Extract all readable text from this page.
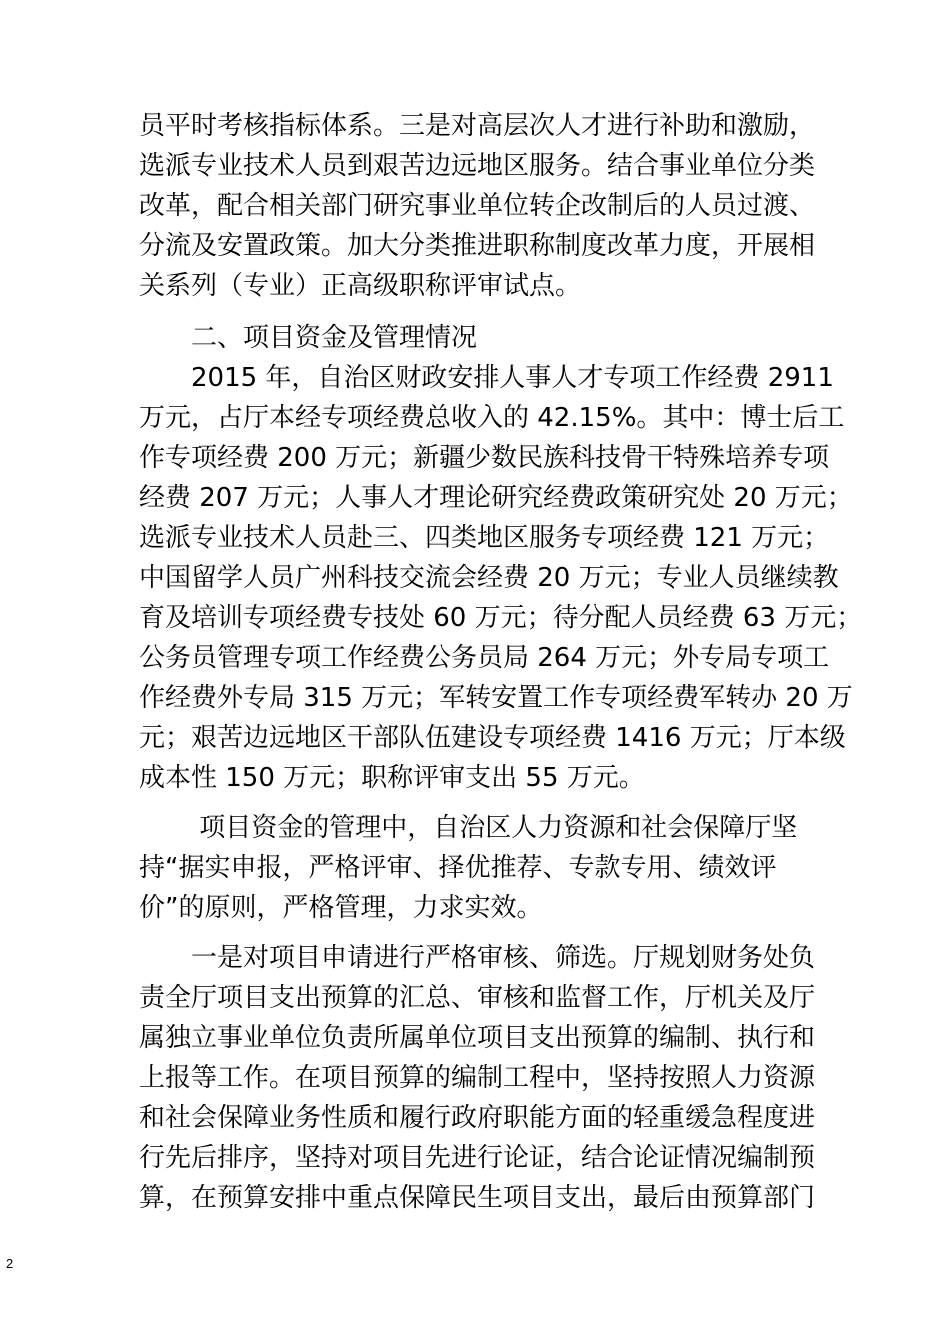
员平时考核指标体系。三是对高层次人才进行补助和激励，
选派专业技术人员到艰苦边远地区服务。结合事业单位分类
改革，配合相关部门研究事业单位转企改制后的人员过渡、
分流及安置政策。加大分类推进职称制度改革力度，开展相
关系列（专业）正高级职称评审试点。
　　二、项目资金及管理情况
　　2015 年，自治区财政安排人事人才专项工作经费 2911
万元，占厅本经专项经费总收入的 42.15%。其中：博士后工
作专项经费 200 万元；新疆少数民族科技骨干特殊培养专项
经费 207 万元；人事人才理论研究经费政策研究处 20 万元；
选派专业技术人员赴三、四类地区服务专项经费 121 万元；
中国留学人员广州科技交流会经费 20 万元；专业人员继续教
育及培训专项经费专技处 60 万元；待分配人员经费 63 万元；
公务员管理专项工作经费公务员局 264 万元；外专局专项工
作经费外专局 315 万元；军转安置工作专项经费军转办 20 万
元；艰苦边远地区干部队伍建设专项经费 1416 万元；厅本级
成本性 150 万元；职称评审支出 55 万元。
　　 项目资金的管理中，自治区人力资源和社会保障厅坚
持“据实申报，严格评审、择优推荐、专款专用、绩效评
价”的原则，严格管理，力求实效。
　　一是对项目申请进行严格审核、筛选。厅规划财务处负
责全厅项目支出预算的汇总、审核和监督工作，厅机关及厅
属独立事业单位负责所属单位项目支出预算的编制、执行和
上报等工作。在项目预算的编制工程中，坚持按照人力资源
和社会保障业务性质和履行政府职能方面的轻重缓急程度进
行先后排序，坚持对项目先进行论证，结合论证情况编制预
算，在预算安排中重点保障民生项目支出，最后由预算部门
2
